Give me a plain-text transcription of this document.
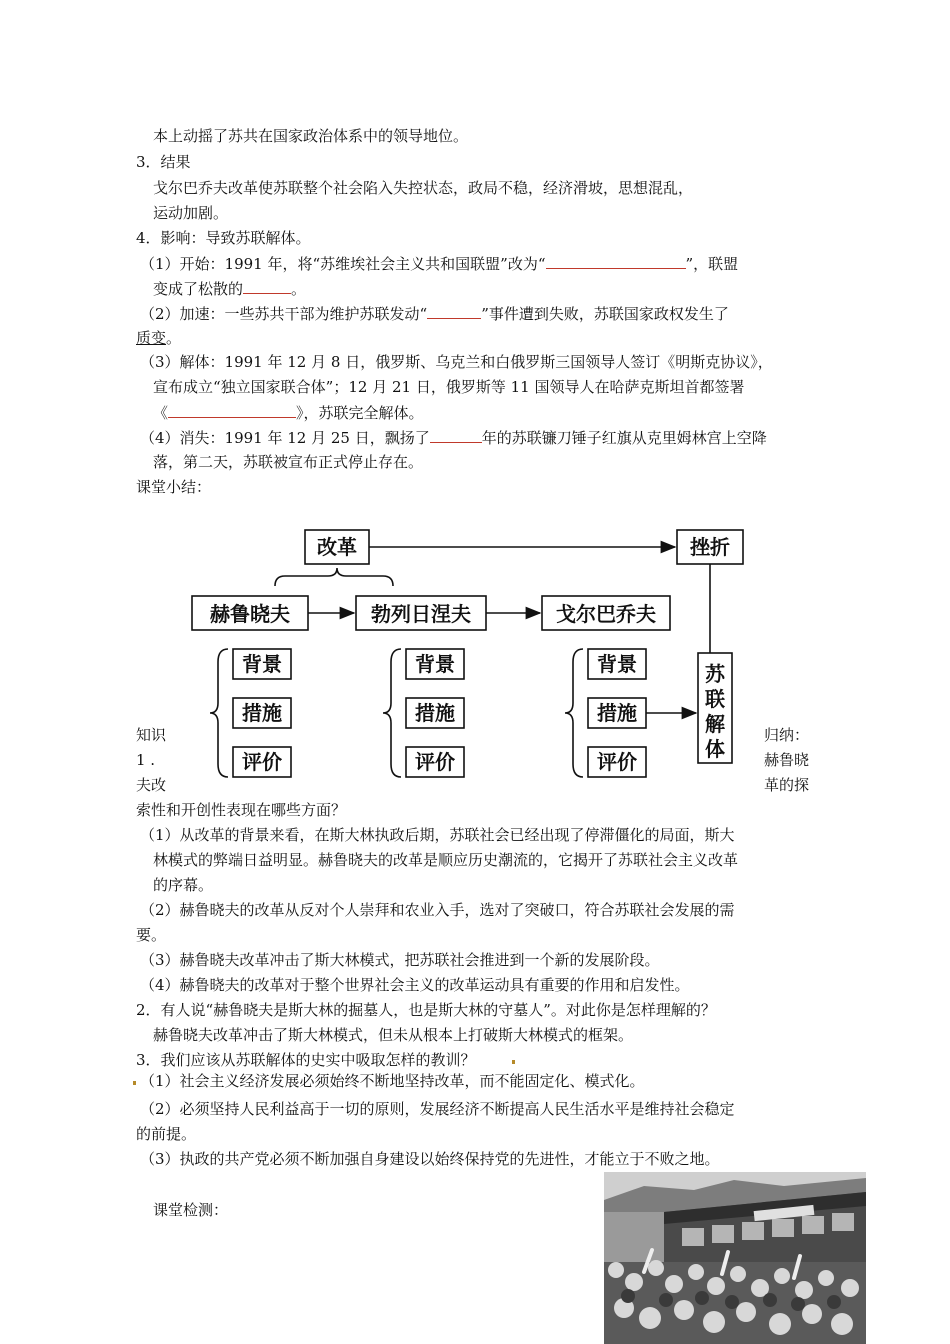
本上动摇了苏共在国家政治体系中的领导地位。
3．结果
戈尔巴乔夫改革使苏联整个社会陷入失控状态，政局不稳，经济滑坡，思想混乱，
运动加剧。
4．影响：导致苏联解体。
（1）开始：1991 年，将“苏维埃社会主义共和国联盟”改为“	”，联盟
变成了松散的	。
（2）加速：一些苏共干部为维护苏联发动“	”事件遭到失败，苏联国家政权发生了
质变。
（3）解体：1991 年 12 月 8 日，俄罗斯、乌克兰和白俄罗斯三国领导人签订《明斯克协议》，
宣布成立“独立国家联合体”；12 月 21 日，俄罗斯等 11 国领导人在哈萨克斯坦首都签署
《	》，苏联完全解体。
（4）消失：1991 年 12 月 25 日，飘扬了	年的苏联镰刀锤子红旗从克里姆林宫上空降
落，第二天，苏联被宣布正式停止存在。
课堂小结：
知识
1 .
夫改
归纳：
赫鲁晓
革的探
改革	挫折
赫鲁晓夫	勃列日涅夫	戈尔巴乔夫
背景
措施
评价
背景
措施
评价
背景
措施
评价
苏
联
解
体
索性和开创性表现在哪些方面？
（1）从改革的背景来看，在斯大林执政后期，苏联社会已经出现了停滞僵化的局面，斯大
林模式的弊端日益明显。赫鲁晓夫的改革是顺应历史潮流的，它揭开了苏联社会主义改革
的序幕。
（2）赫鲁晓夫的改革从反对个人崇拜和农业入手，选对了突破口，符合苏联社会发展的需
要。
（3）赫鲁晓夫改革冲击了斯大林模式，把苏联社会推进到一个新的发展阶段。
（4）赫鲁晓夫的改革对于整个世界社会主义的改革运动具有重要的作用和启发性。
2．有人说“赫鲁晓夫是斯大林的掘墓人，也是斯大林的守墓人”。对此你是怎样理解的？
赫鲁晓夫改革冲击了斯大林模式，但未从根本上打破斯大林模式的框架。
3．我们应该从苏联解体的史实中吸取怎样的教训？
（1）社会主义经济发展必须始终不断地坚持改革，而不能固定化、模式化。
（2）必须坚持人民利益高于一切的原则，发展经济不断提高人民生活水平是维持社会稳定
的前提。
（3）执政的共产党必须不断加强自身建设以始终保持党的先进性，才能立于不败之地。
课堂检测：
